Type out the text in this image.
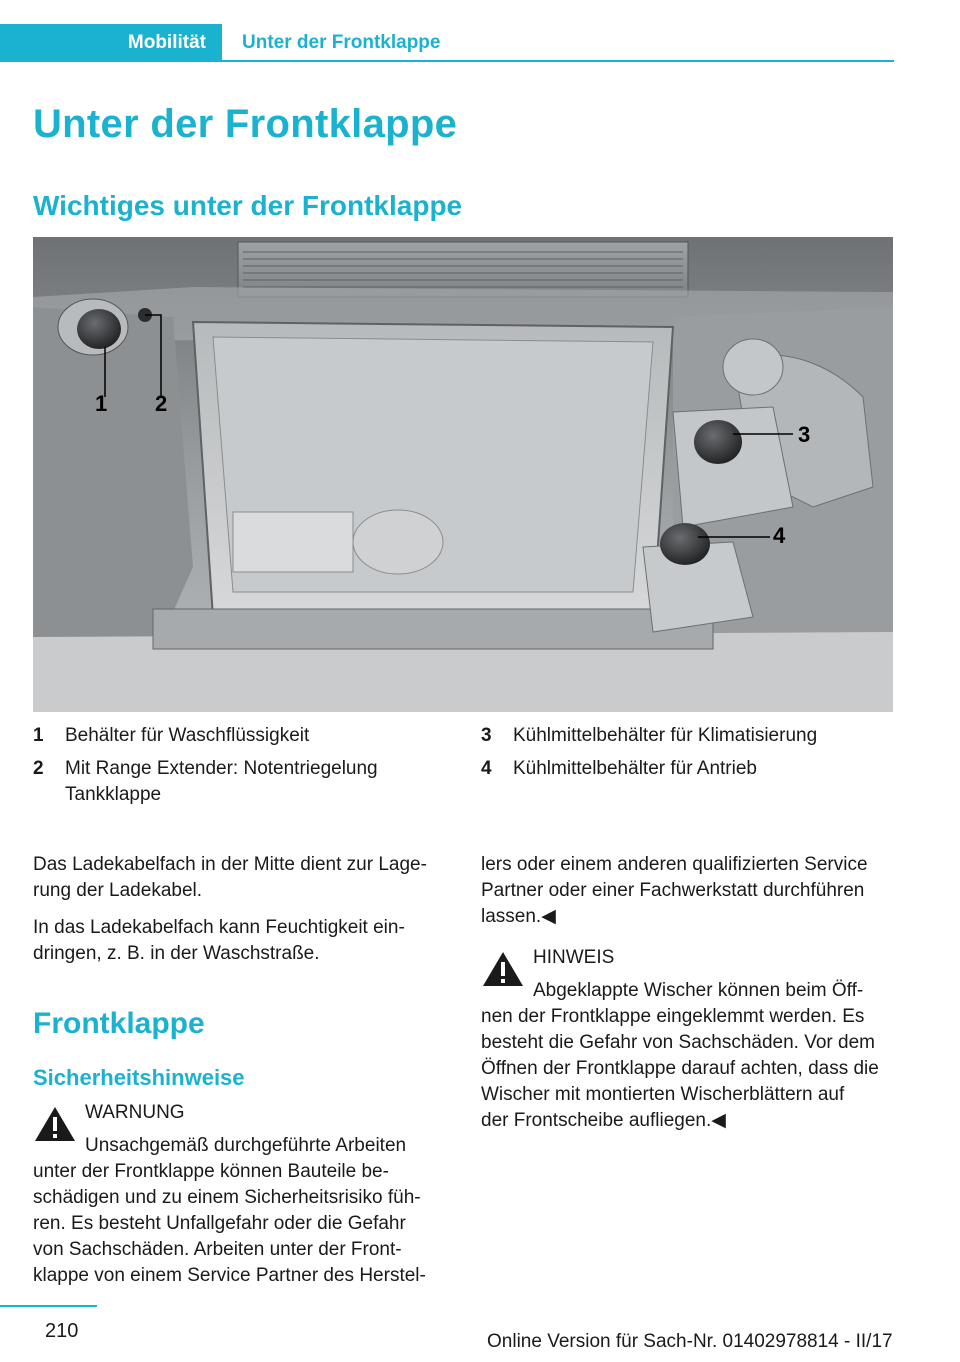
Mobilität Unter der Frontklappe
Unter der Frontklappe
Wichtiges unter der Frontklappe
1 2
3
4
1 Behälter für Waschflüssigkeit
2 Mit Range Extender: Notentriegelung
Tankklappe
3 Kühlmittelbehälter für Klimatisierung
4 Kühlmittelbehälter für Antrieb
Das Ladekabelfach in der Mitte dient zur Lage-
rung der Ladekabel.
In das Ladekabelfach kann Feuchtigkeit ein-
dringen, z. B. in der Waschstraße.
Frontklappe
Sicherheitshinweise
WARNUNG
Unsachgemäß durchgeführte Arbeiten
unter der Frontklappe können Bauteile be-
schädigen und zu einem Sicherheitsrisiko füh-
ren. Es besteht Unfallgefahr oder die Gefahr
von Sachschäden. Arbeiten unter der Front-
klappe von einem Service Partner des Herstel-
lers oder einem anderen qualifizierten Service
Partner oder einer Fachwerkstatt durchführen
lassen.◀
HINWEIS
Abgeklappte Wischer können beim Öff-
nen der Frontklappe eingeklemmt werden. Es
besteht die Gefahr von Sachschäden. Vor dem
Öffnen der Frontklappe darauf achten, dass die
Wischer mit montierten Wischerblättern auf
der Frontscheibe aufliegen.◀
210	Online Version für Sach-Nr. 01402978814 - II/17
